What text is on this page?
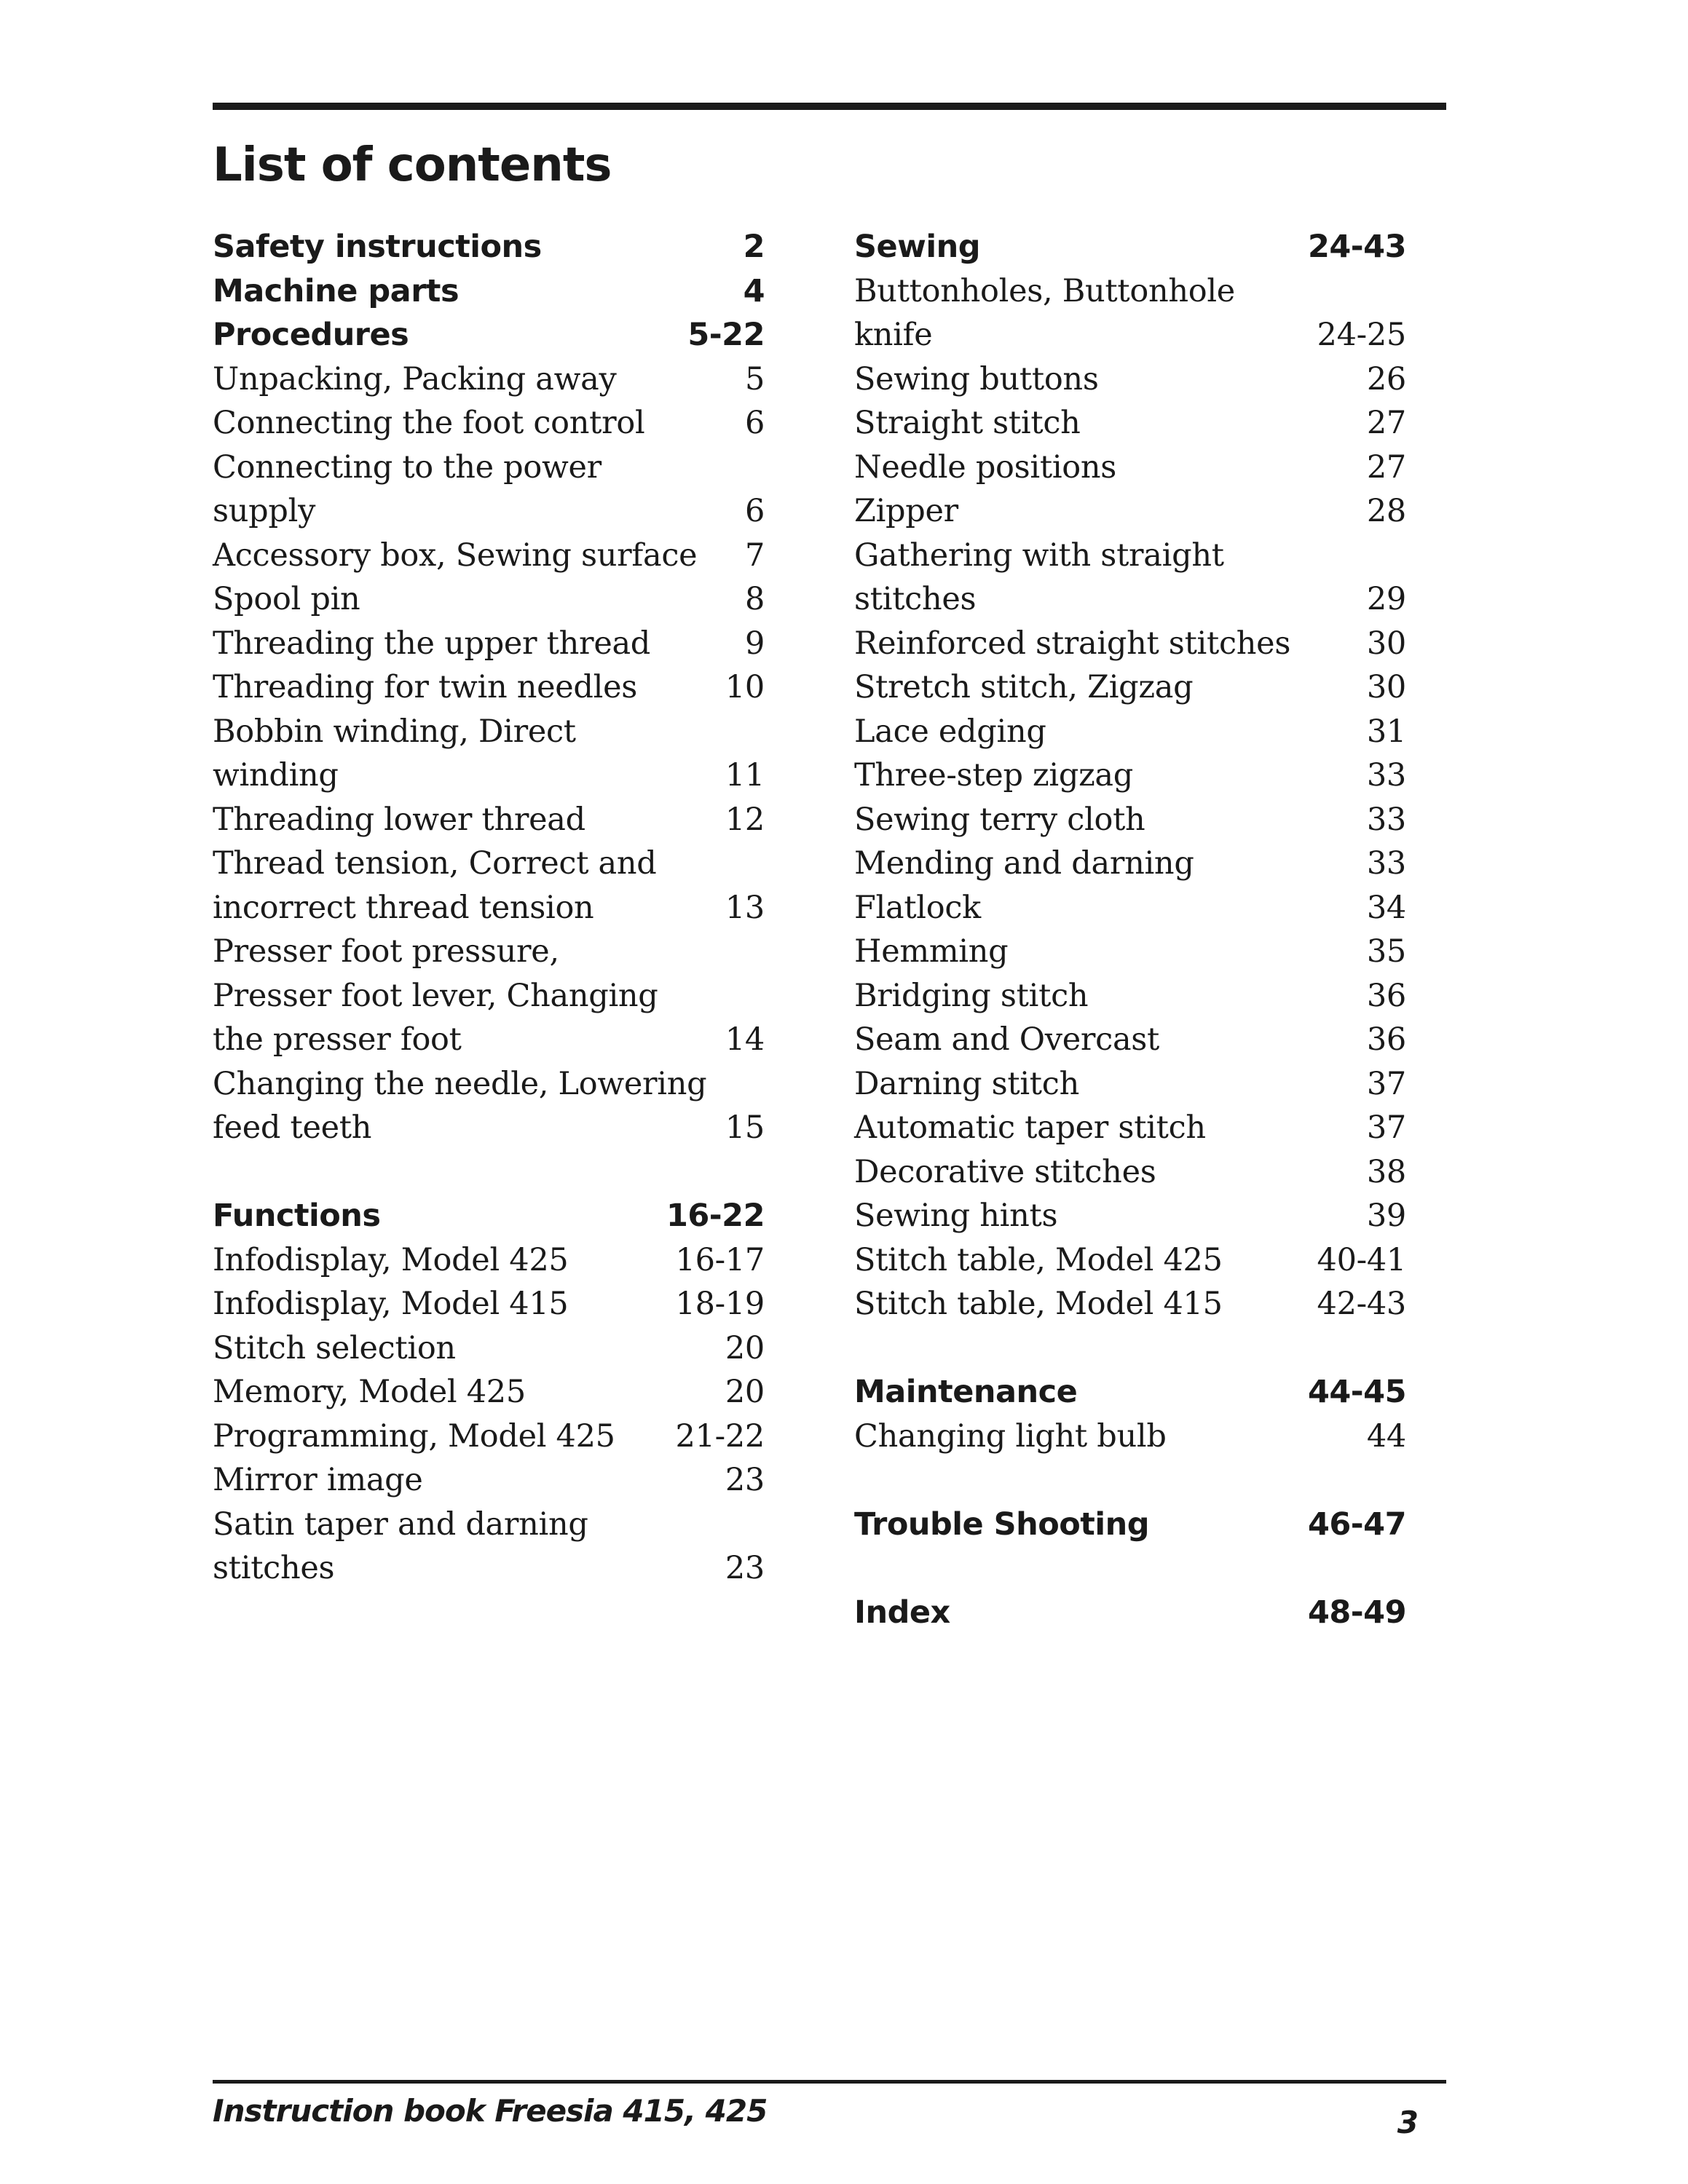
List of contents
Safety instructions	2
Machine parts	4
Procedures	5-22
Unpacking, Packing away	5
Connecting the foot control	6
Connecting to the power
supply	6
Accessory box, Sewing surface 7
Spool pin	8
Threading the upper thread	9
Threading for twin needles	10
Bobbin winding, Direct
winding	11
Threading lower thread	12
Thread tension, Correct and
incorrect thread tension	13
Presser foot pressure,
Presser foot lever, Changing
the presser foot	14
Changing the needle, Lowering
feed teeth	15
Functions	16-22
Infodisplay, Model 425	16-17
Infodisplay, Model 415	18-19
Stitch selection	20
Memory, Model 425	20
Programming, Model 425 21-22
Mirror image	23
Satin taper and darning
stitches	23
Sewing	24-43
Buttonholes, Buttonhole
knife	24-25
Sewing buttons	26
Straight stitch	27
Needle positions	27
Zipper	28
Gathering with straight
stitches	29
Reinforced straight stitches 30
Stretch stitch, Zigzag	30
Lace edging	31
Three-step zigzag	33
Sewing terry cloth	33
Mending and darning	33
Flatlock	34
Hemming	35
Bridging stitch	36
Seam and Overcast	36
Darning stitch	37
Automatic taper stitch	37
Decorative stitches	38
Sewing hints	39
Stitch table, Model 425	40-41
Stitch table, Model 415	42-43
Maintenance	44-45
Changing light bulb	44
Trouble Shooting	46-47
Index	48-49
Instruction book Freesia 415, 425	3
